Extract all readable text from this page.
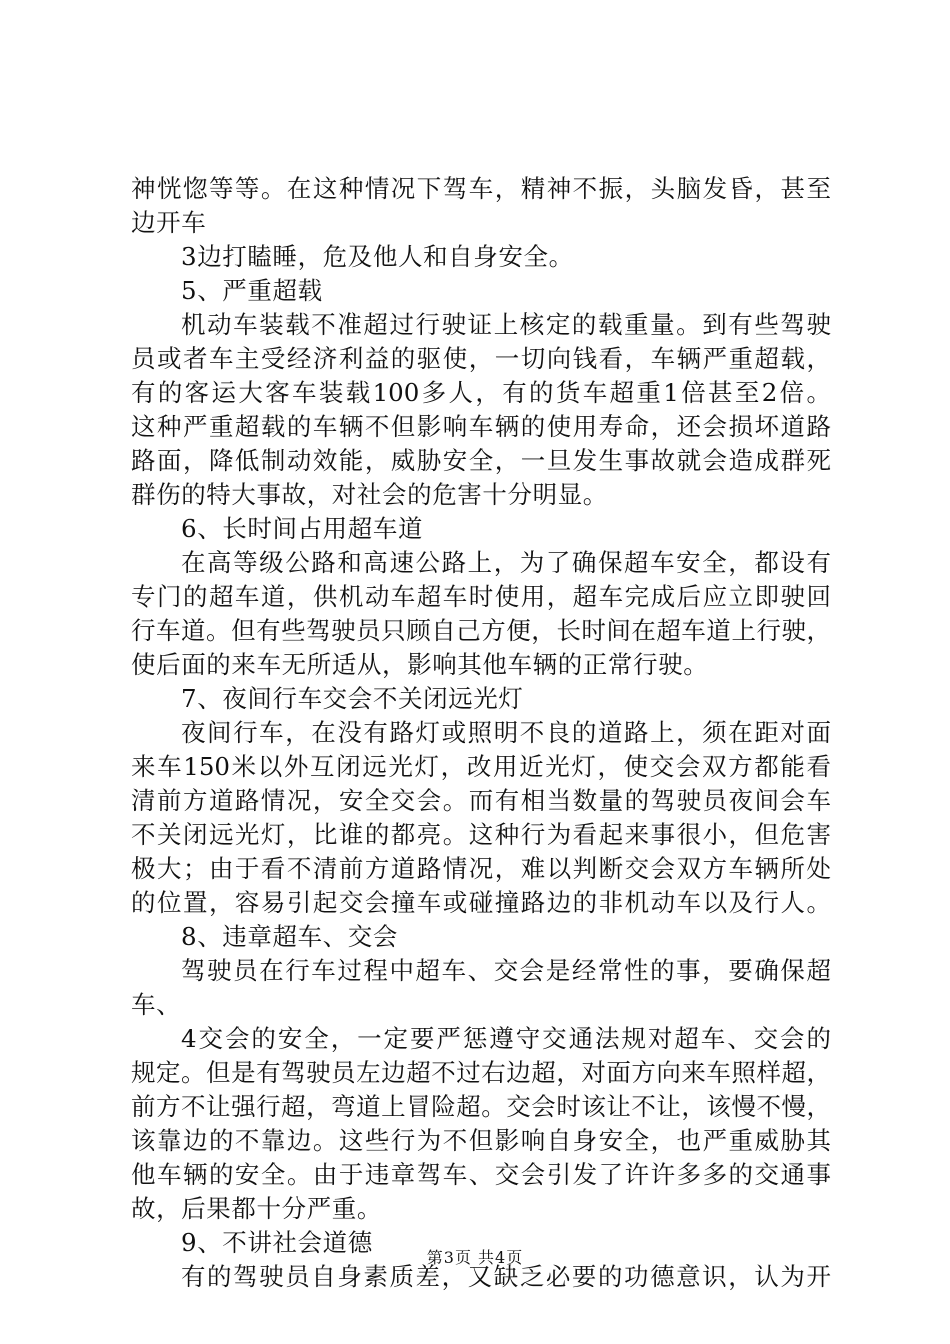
神恍惚等等。在这种情况下驾车，精神不振，头脑发昏，甚至
边开车
3边打瞌睡，危及他人和自身安全。
5、严重超载
机动车装载不准超过行驶证上核定的载重量。到有些驾驶
员或者车主受经济利益的驱使，一切向钱看，车辆严重超载，
有的客运大客车装载100多人，有的货车超重1倍甚至2倍。
这种严重超载的车辆不但影响车辆的使用寿命，还会损坏道路
路面，降低制动效能，威胁安全，一旦发生事故就会造成群死
群伤的特大事故，对社会的危害十分明显。
6、长时间占用超车道
在高等级公路和高速公路上，为了确保超车安全，都设有
专门的超车道，供机动车超车时使用，超车完成后应立即驶回
行车道。但有些驾驶员只顾自己方便，长时间在超车道上行驶，
使后面的来车无所适从，影响其他车辆的正常行驶。
7、夜间行车交会不关闭远光灯
夜间行车，在没有路灯或照明不良的道路上，须在距对面
来车150米以外互闭远光灯，改用近光灯，使交会双方都能看
清前方道路情况，安全交会。而有相当数量的驾驶员夜间会车
不关闭远光灯，比谁的都亮。这种行为看起来事很小，但危害
极大；由于看不清前方道路情况，难以判断交会双方车辆所处
的位置，容易引起交会撞车或碰撞路边的非机动车以及行人。
8、违章超车、交会
驾驶员在行车过程中超车、交会是经常性的事，要确保超
车、
4交会的安全，一定要严惩遵守交通法规对超车、交会的
规定。但是有驾驶员左边超不过右边超，对面方向来车照样超，
前方不让强行超，弯道上冒险超。交会时该让不让，该慢不慢，
该靠边的不靠边。这些行为不但影响自身安全，也严重威胁其
他车辆的安全。由于违章驾车、交会引发了许许多多的交通事
故，后果都十分严重。
9、不讲社会道德
有的驾驶员自身素质差，又缺乏必要的功德意识，认为开
第3页 共4页
